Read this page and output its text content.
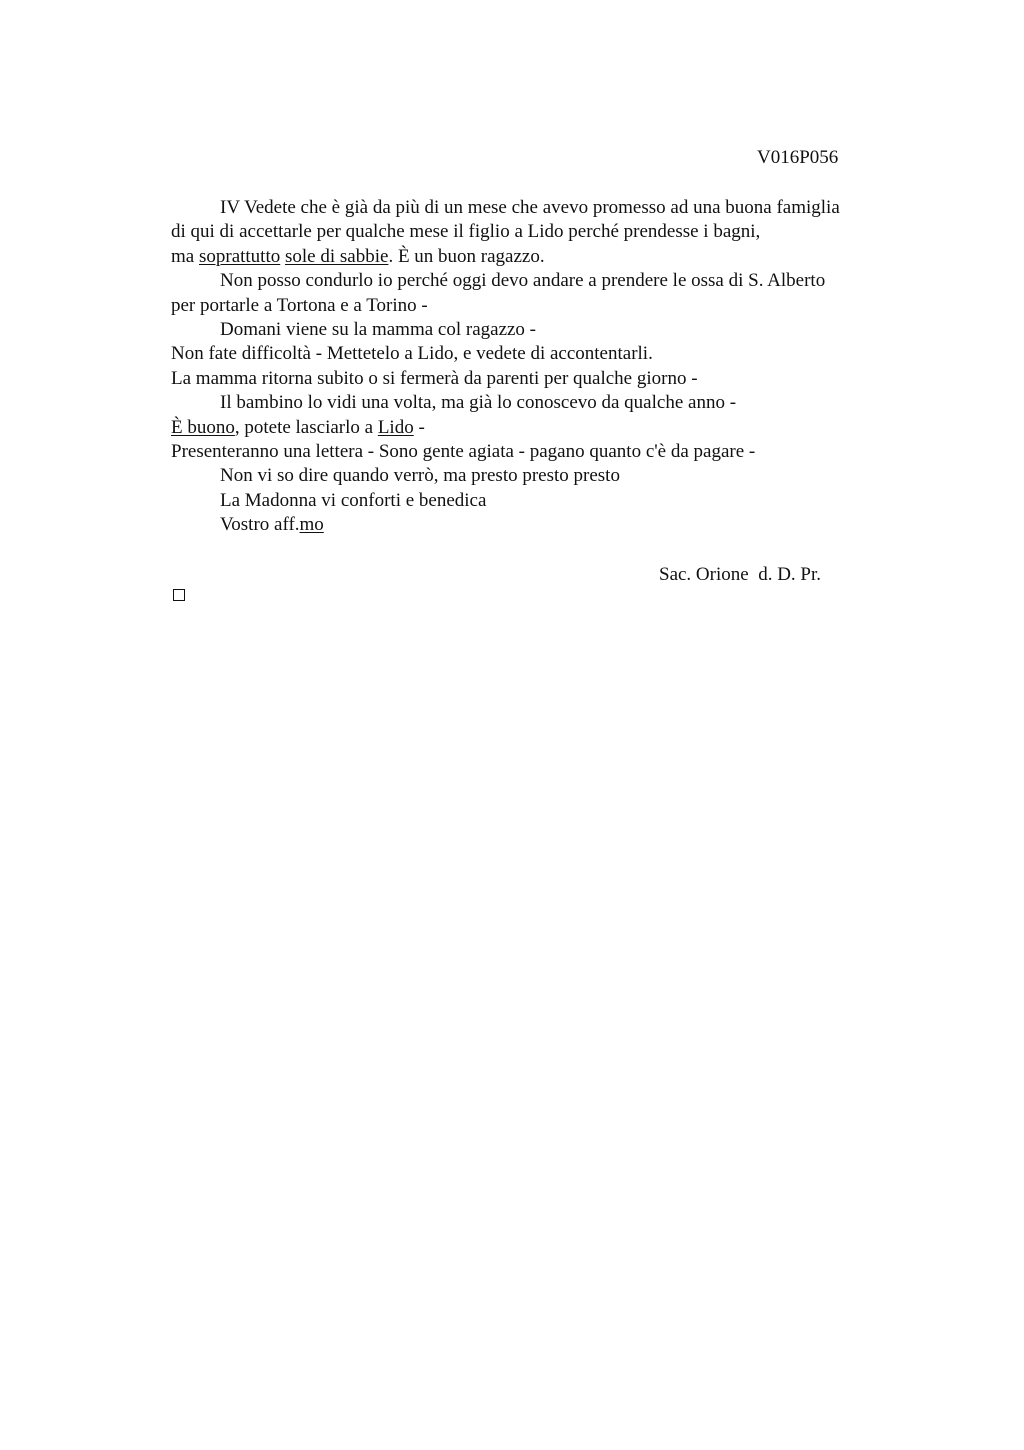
V016P056
IV Vedete che è già da più di un mese che avevo promesso ad una buona famiglia
di qui di accettarle per qualche mese il figlio a Lido perché prendesse i bagni,
ma soprattutto sole di sabbie. È un buon ragazzo.
Non posso condurlo io perché oggi devo andare a prendere le ossa di S. Alberto
per portarle a Tortona e a Torino -
Domani viene su la mamma col ragazzo -
Non fate difficoltà - Mettetelo a Lido, e vedete di accontentarli.
La mamma ritorna subito o si fermerà da parenti per qualche giorno -
Il bambino lo vidi una volta, ma già lo conoscevo da qualche anno -
È buono, potete lasciarlo a Lido -
Presenteranno una lettera - Sono gente agiata - pagano quanto c'è da pagare -
Non vi so dire quando verrò, ma presto presto presto
La Madonna vi conforti e benedica
Vostro aff.mo
Sac. Orione  d. D. Pr.
